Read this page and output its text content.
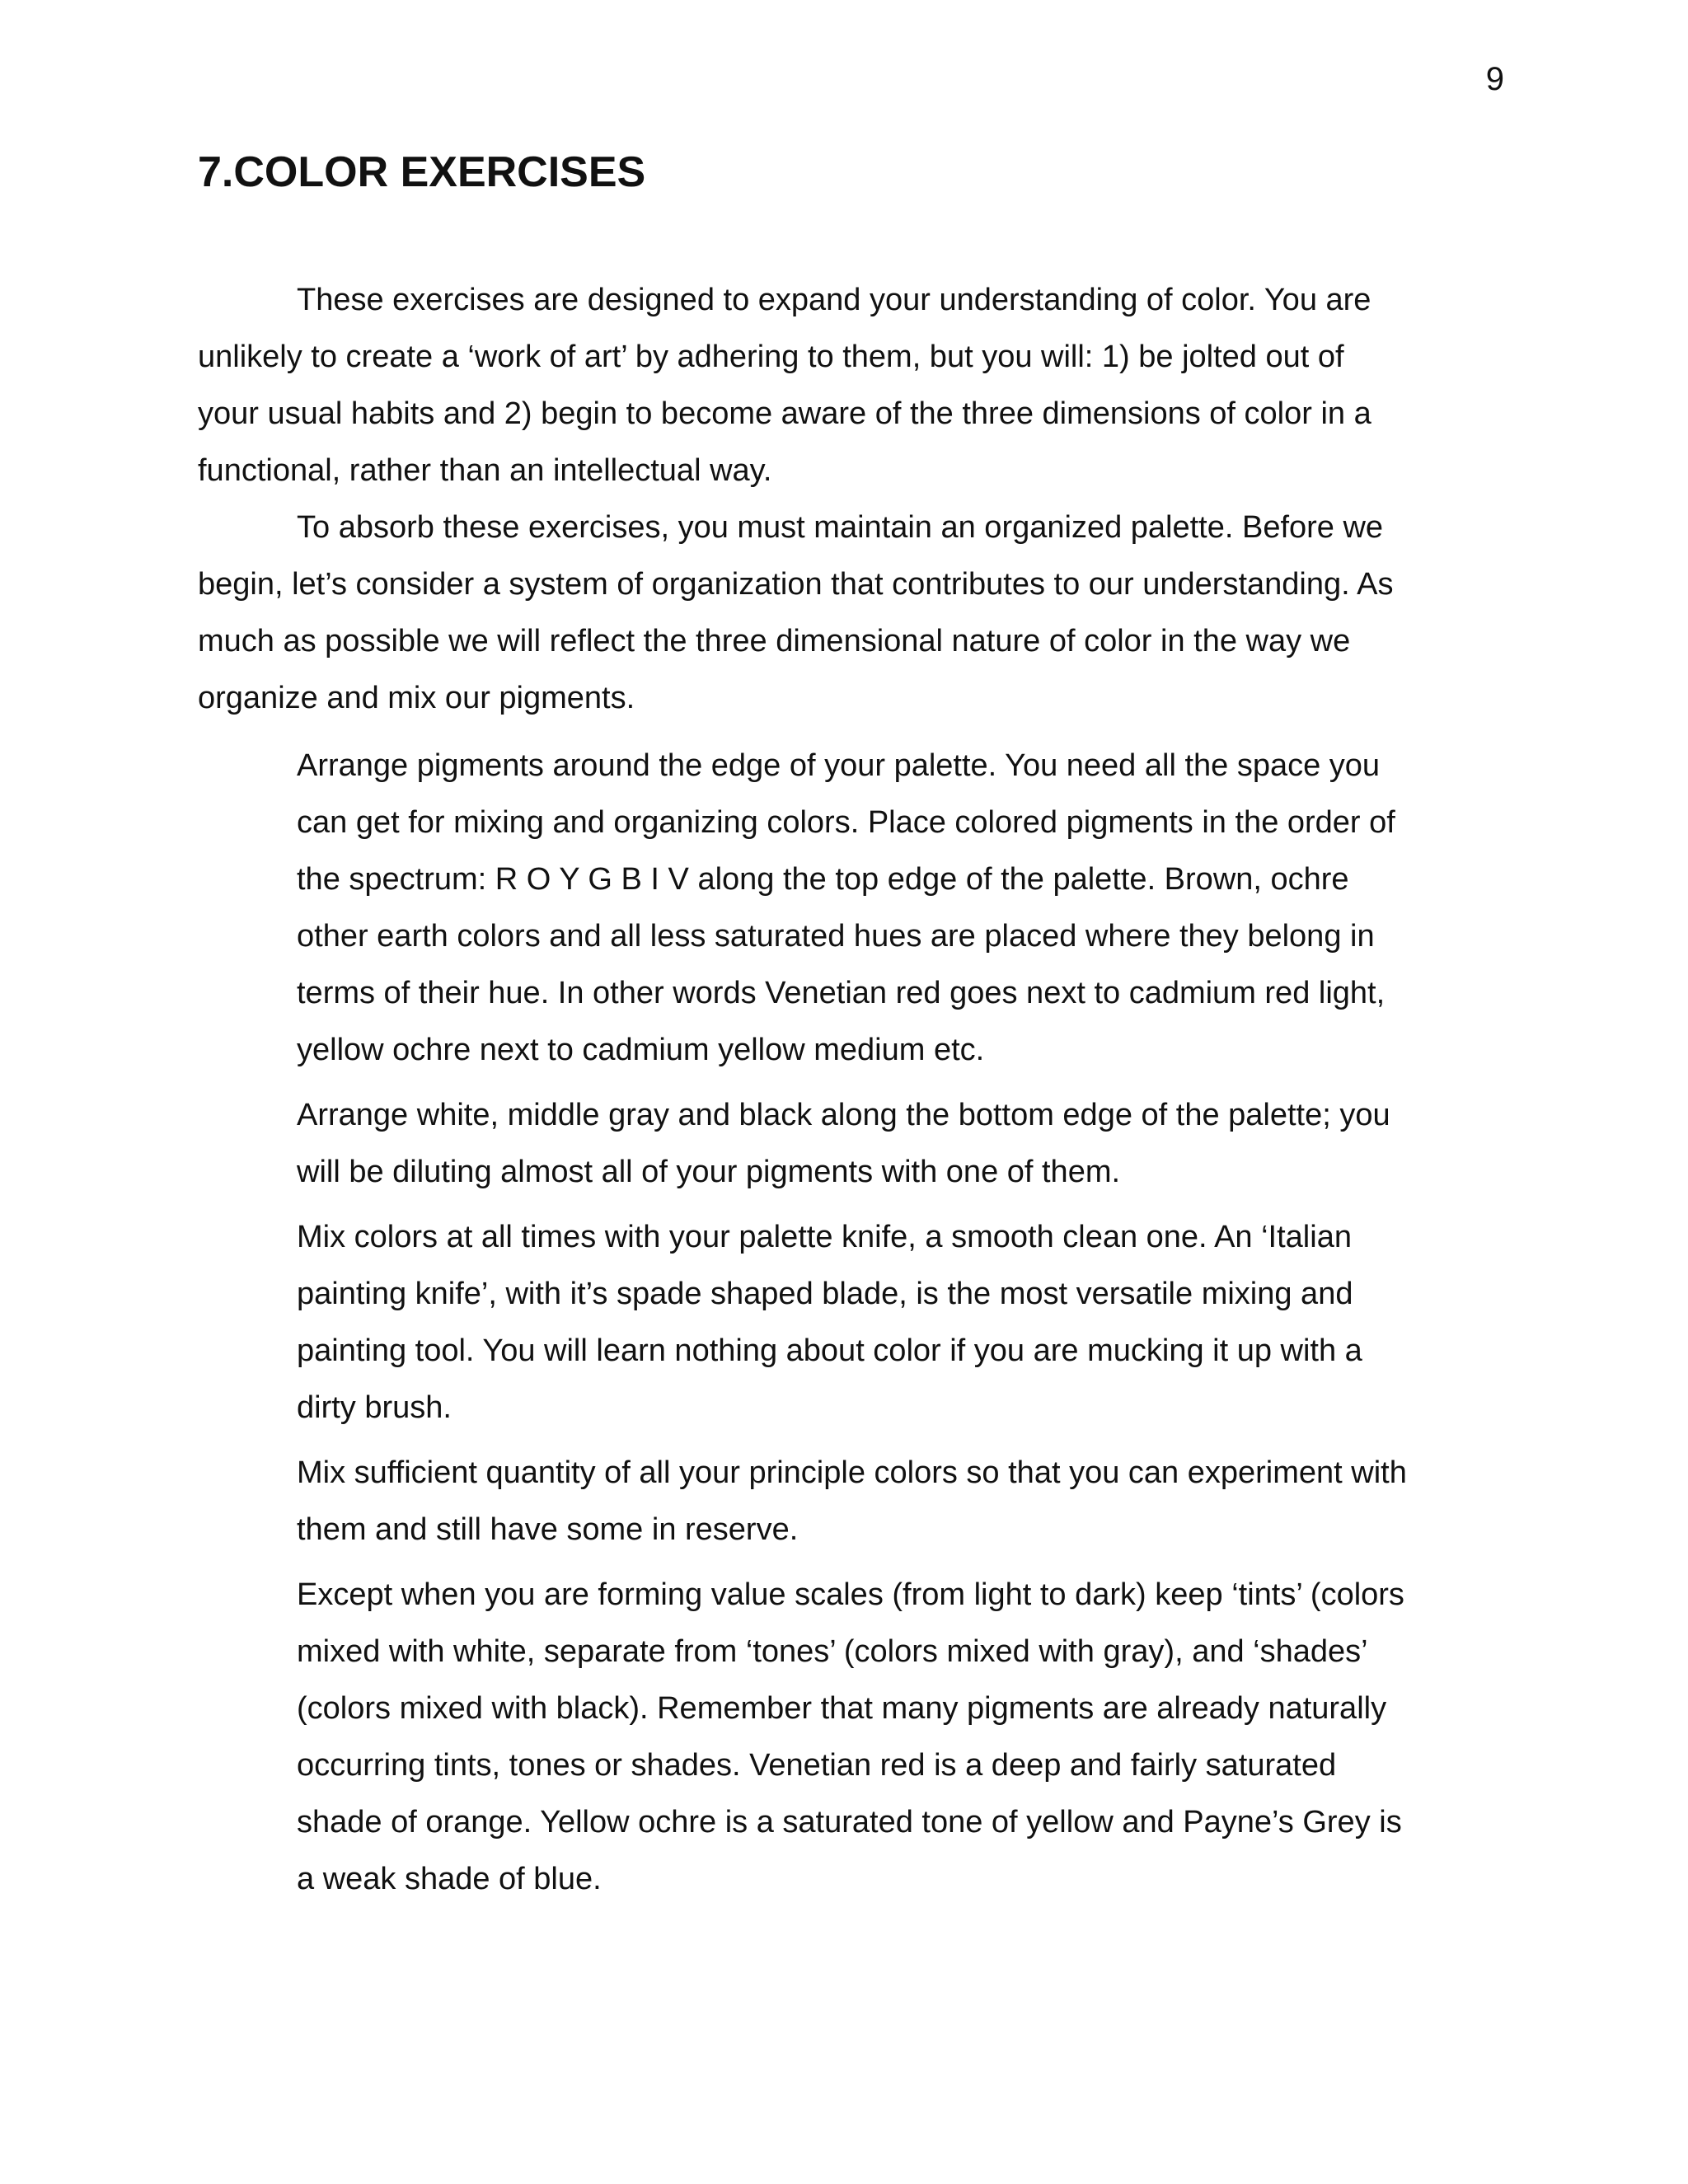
9
7.COLOR EXERCISES

These exercises are designed to expand your understanding of color. You are
unlikely to create a ‘work of art’ by adhering to them, but you will: 1) be jolted out of
your usual habits and 2) begin to become aware of the three dimensions of color in a
functional, rather than an intellectual way.

To absorb these exercises, you must maintain an organized palette. Before we
begin, let’s consider a system of organization that contributes to our understanding. As
much as possible we will reflect the three dimensional nature of color in the way we
organize and mix our pigments.

Arrange pigments around the edge of your palette. You need all the space you
can get for mixing and organizing colors. Place colored pigments in the order of
the spectrum: R O Y G B I V along the top edge of the palette. Brown, ochre
other earth colors and all less saturated hues are placed where they belong in
terms of their hue. In other words Venetian red goes next to cadmium red light,
yellow ochre next to cadmium yellow medium etc.
Arrange white, middle gray and black along the bottom edge of the palette; you
will be diluting almost all of your pigments with one of them.
Mix colors at all times with your palette knife, a smooth clean one. An ‘Italian
painting knife’, with it’s spade shaped blade, is the most versatile mixing and
painting tool. You will learn nothing about color if you are mucking it up with a
dirty brush.
Mix sufficient quantity of all your principle colors so that you can experiment with
them and still have some in reserve.
Except when you are forming value scales (from light to dark) keep ‘tints’ (colors
mixed with white, separate from ‘tones’ (colors mixed with gray), and ‘shades’
(colors mixed with black). Remember that many pigments are already naturally
occurring tints, tones or shades. Venetian red is a deep and fairly saturated
shade of orange. Yellow ochre is a saturated tone of yellow and Payne’s Grey is
a weak shade of blue.
